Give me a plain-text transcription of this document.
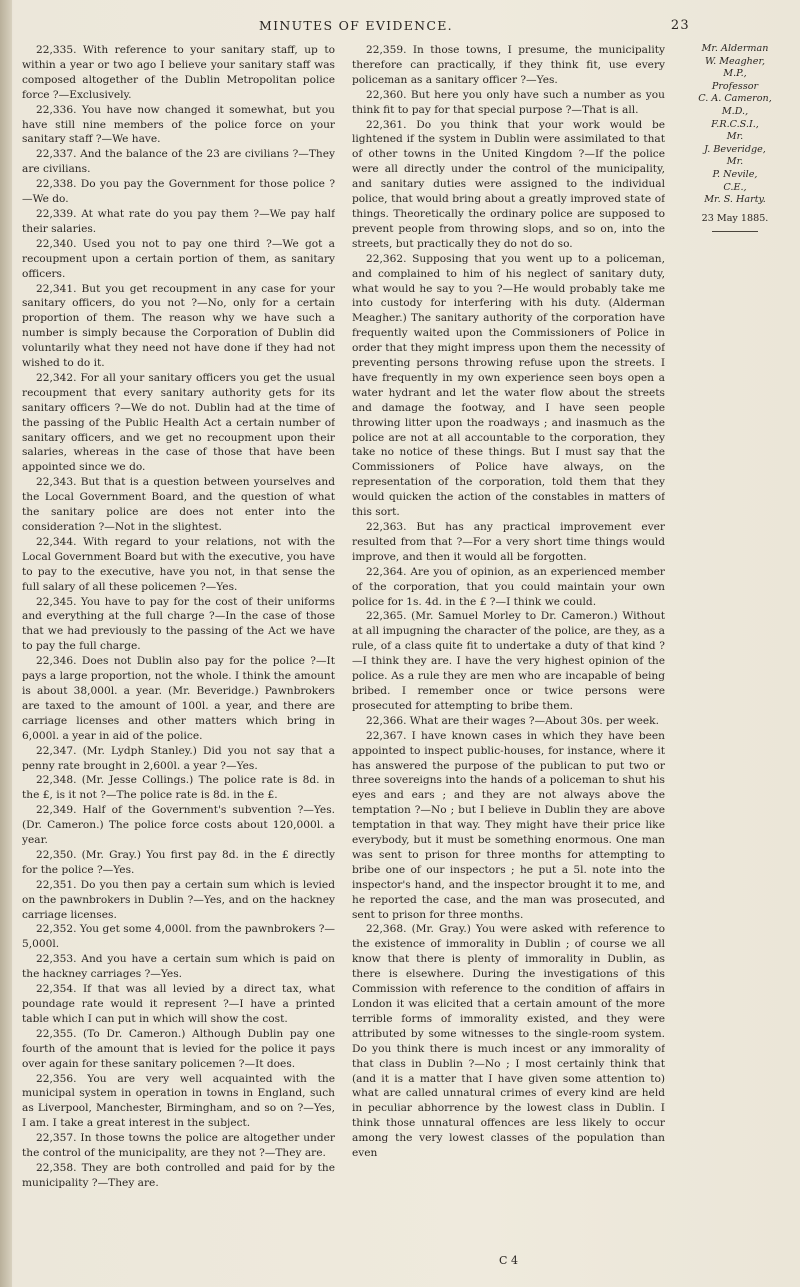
MINUTES OF EVIDENCE.	23

22,335. With reference to your sanitary staff, up to within a year or two ago I believe your sanitary staff was composed altogether of the Dublin Metropolitan police force ?—Exclusively.

22,336. You have now changed it somewhat, but you have still nine members of the police force on your sanitary staff ?—We have.

22,337. And the balance of the 23 are civilians ?—They are civilians.

22,338. Do you pay the Government for those police ?—We do.

22,339. At what rate do you pay them ?—We pay half their salaries.

22,340. Used you not to pay one third ?—We got a recoupment upon a certain portion of them, as sanitary officers.

22,341. But you get recoupment in any case for your sanitary officers, do you not ?—No, only for a certain proportion of them. The reason why we have such a number is simply because the Corporation of Dublin did voluntarily what they need not have done if they had not wished to do it.

22,342. For all your sanitary officers you get the usual recoupment that every sanitary authority gets for its sanitary officers ?—We do not. Dublin had at the time of the passing of the Public Health Act a certain number of sanitary officers, and we get no recoupment upon their salaries, whereas in the case of those that have been appointed since we do.

22,343. But that is a question between yourselves and the Local Government Board, and the question of what the sanitary police are does not enter into the consideration ?—Not in the slightest.

22,344. With regard to your relations, not with the Local Government Board but with the executive, you have to pay to the executive, have you not, in that sense the full salary of all these policemen ?—Yes.

22,345. You have to pay for the cost of their uniforms and everything at the full charge ?—In the case of those that we had previously to the passing of the Act we have to pay the full charge.

22,346. Does not Dublin also pay for the police ?—It pays a large proportion, not the whole. I think the amount is about 38,000l. a year. (Mr. Beveridge.) Pawnbrokers are taxed to the amount of 100l. a year, and there are carriage licenses and other matters which bring in 6,000l. a year in aid of the police.

22,347. (Mr. Lydph Stanley.) Did you not say that a penny rate brought in 2,600l. a year ?—Yes.

22,348. (Mr. Jesse Collings.) The police rate is 8d. in the £, is it not ?—The police rate is 8d. in the £.

22,349. Half of the Government's subvention ?—Yes. (Dr. Cameron.) The police force costs about 120,000l. a year.

22,350. (Mr. Gray.) You first pay 8d. in the £ directly for the police ?—Yes.

22,351. Do you then pay a certain sum which is levied on the pawnbrokers in Dublin ?—Yes, and on the hackney carriage licenses.

22,352. You get some 4,000l. from the pawnbrokers ?—5,000l.

22,353. And you have a certain sum which is paid on the hackney carriages ?—Yes.

22,354. If that was all levied by a direct tax, what poundage rate would it represent ?—I have a printed table which I can put in which will show the cost.

22,355. (To Dr. Cameron.) Although Dublin pay one fourth of the amount that is levied for the police it pays over again for these sanitary policemen ?—It does.

22,356. You are very well acquainted with the municipal system in operation in towns in England, such as Liverpool, Manchester, Birmingham, and so on ?—Yes, I am. I take a great interest in the subject.

22,357. In those towns the police are altogether under the control of the municipality, are they not ?—They are.

22,358. They are both controlled and paid for by the municipality ?—They are.

22,359. In those towns, I presume, the municipality therefore can practically, if they think fit, use every policeman as a sanitary officer ?—Yes.

22,360. But here you only have such a number as you think fit to pay for that special purpose ?—That is all.

22,361. Do you think that your work would be lightened if the system in Dublin were assimilated to that of other towns in the United Kingdom ?—If the police were all directly under the control of the municipality, and sanitary duties were assigned to the individual police, that would bring about a greatly improved state of things. Theoretically the ordinary police are supposed to prevent people from throwing slops, and so on, into the streets, but practically they do not do so.

22,362. Supposing that you went up to a policeman, and complained to him of his neglect of sanitary duty, what would he say to you ?—He would probably take me into custody for interfering with his duty. (Alderman Meagher.) The sanitary authority of the corporation have frequently waited upon the Commissioners of Police in order that they might impress upon them the necessity of preventing persons throwing refuse upon the streets. I have frequently in my own experience seen boys open a water hydrant and let the water flow about the streets and damage the footway, and I have seen people throwing litter upon the roadways ; and inasmuch as the police are not at all accountable to the corporation, they take no notice of these things. But I must say that the Commissioners of Police have always, on the representation of the corporation, told them that they would quicken the action of the constables in matters of this sort.

22,363. But has any practical improvement ever resulted from that ?—For a very short time things would improve, and then it would all be forgotten.

22,364. Are you of opinion, as an experienced member of the corporation, that you could maintain your own police for 1s. 4d. in the £ ?—I think we could.

22,365. (Mr. Samuel Morley to Dr. Cameron.) Without at all impugning the character of the police, are they, as a rule, of a class quite fit to undertake a duty of that kind ?—I think they are. I have the very highest opinion of the police. As a rule they are men who are incapable of being bribed. I remember once or twice persons were prosecuted for attempting to bribe them.

22,366. What are their wages ?—About 30s. per week.

22,367. I have known cases in which they have been appointed to inspect public-houses, for instance, where it has answered the purpose of the publican to put two or three sovereigns into the hands of a policeman to shut his eyes and ears ; and they are not always above the temptation ?—No ; but I believe in Dublin they are above temptation in that way. They might have their price like everybody, but it must be something enormous. One man was sent to prison for three months for attempting to bribe one of our inspectors ; he put a 5l. note into the inspector's hand, and the inspector brought it to me, and he reported the case, and the man was prosecuted, and sent to prison for three months.

22,368. (Mr. Gray.) You were asked with reference to the existence of immorality in Dublin ; of course we all know that there is plenty of immorality in Dublin, as there is elsewhere. During the investigations of this Commission with reference to the condition of affairs in London it was elicited that a certain amount of the more terrible forms of immorality existed, and they were attributed by some witnesses to the single-room system. Do you think there is much incest or any immorality of that class in Dublin ?—No ; I most certainly think that (and it is a matter that I have given some attention to) what are called unnatural crimes of every kind are held in peculiar abhorrence by the lowest class in Dublin. I think those unnatural offences are less likely to occur among the very lowest classes of the population than even

Mr. Alderman
W. Meagher,
M.P.,
Professor
C. A. Cameron,
M.D.,
F.R.C.S.I.,
Mr.
J. Beveridge,
Mr.
P. Nevile,
C.E.,
Mr. S. Harty.
23 May 1885.
C 4
